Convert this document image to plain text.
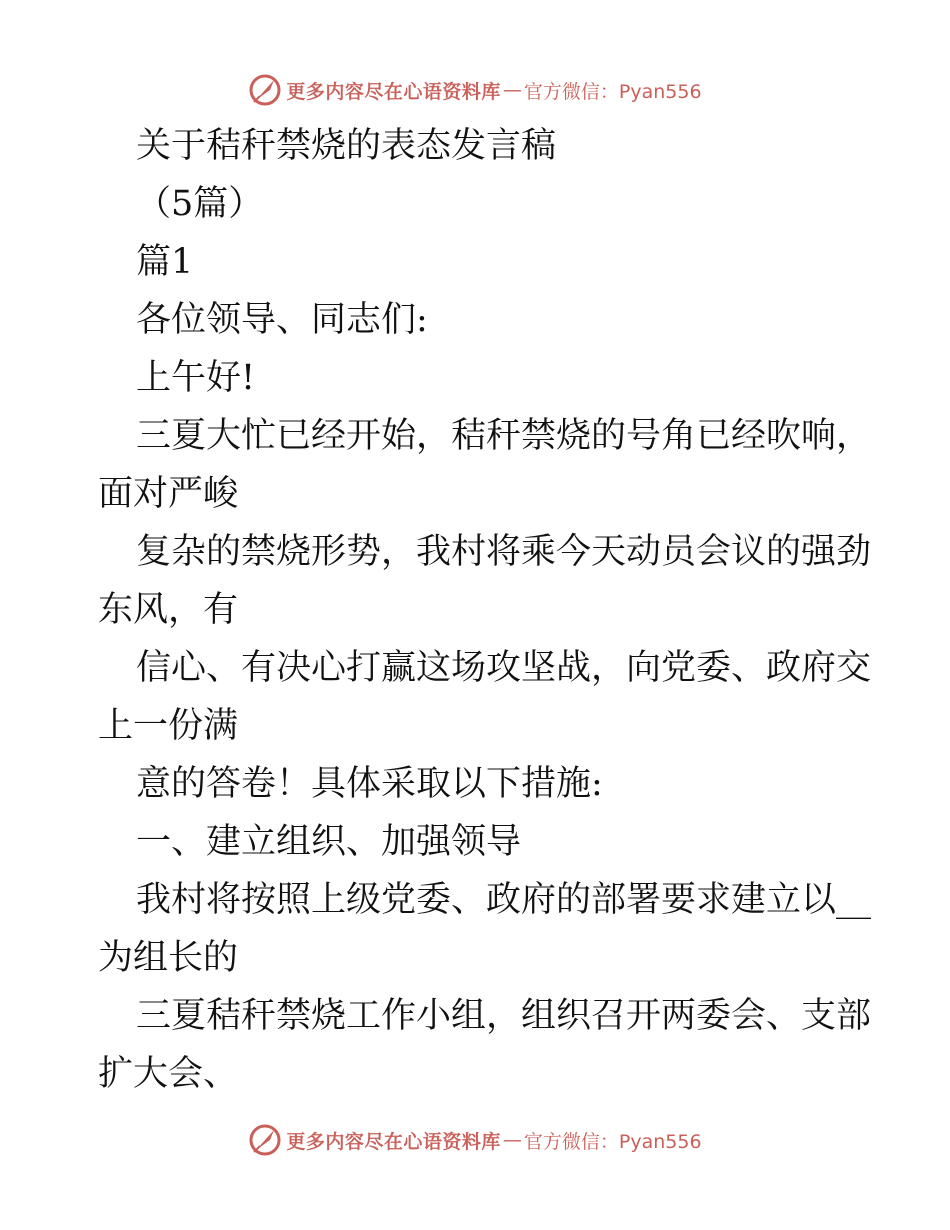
更多内容尽在心语资料库 — 官方微信：Pyan556
关于秸秆禁烧的表态发言稿
（5篇）
篇1
各位领导、同志们:
上午好!
三夏大忙已经开始，秸秆禁烧的号角已经吹响，
面对严峻
复杂的禁烧形势，我村将乘今天动员会议的强劲
东风，有
信心、有决心打赢这场攻坚战，向党委、政府交
上一份满
意的答卷！具体采取以下措施:
一、建立组织、加强领导
我村将按照上级党委、政府的部署要求建立以__
为组长的
三夏秸秆禁烧工作小组，组织召开两委会、支部
扩大会、
更多内容尽在心语资料库 — 官方微信：Pyan556
